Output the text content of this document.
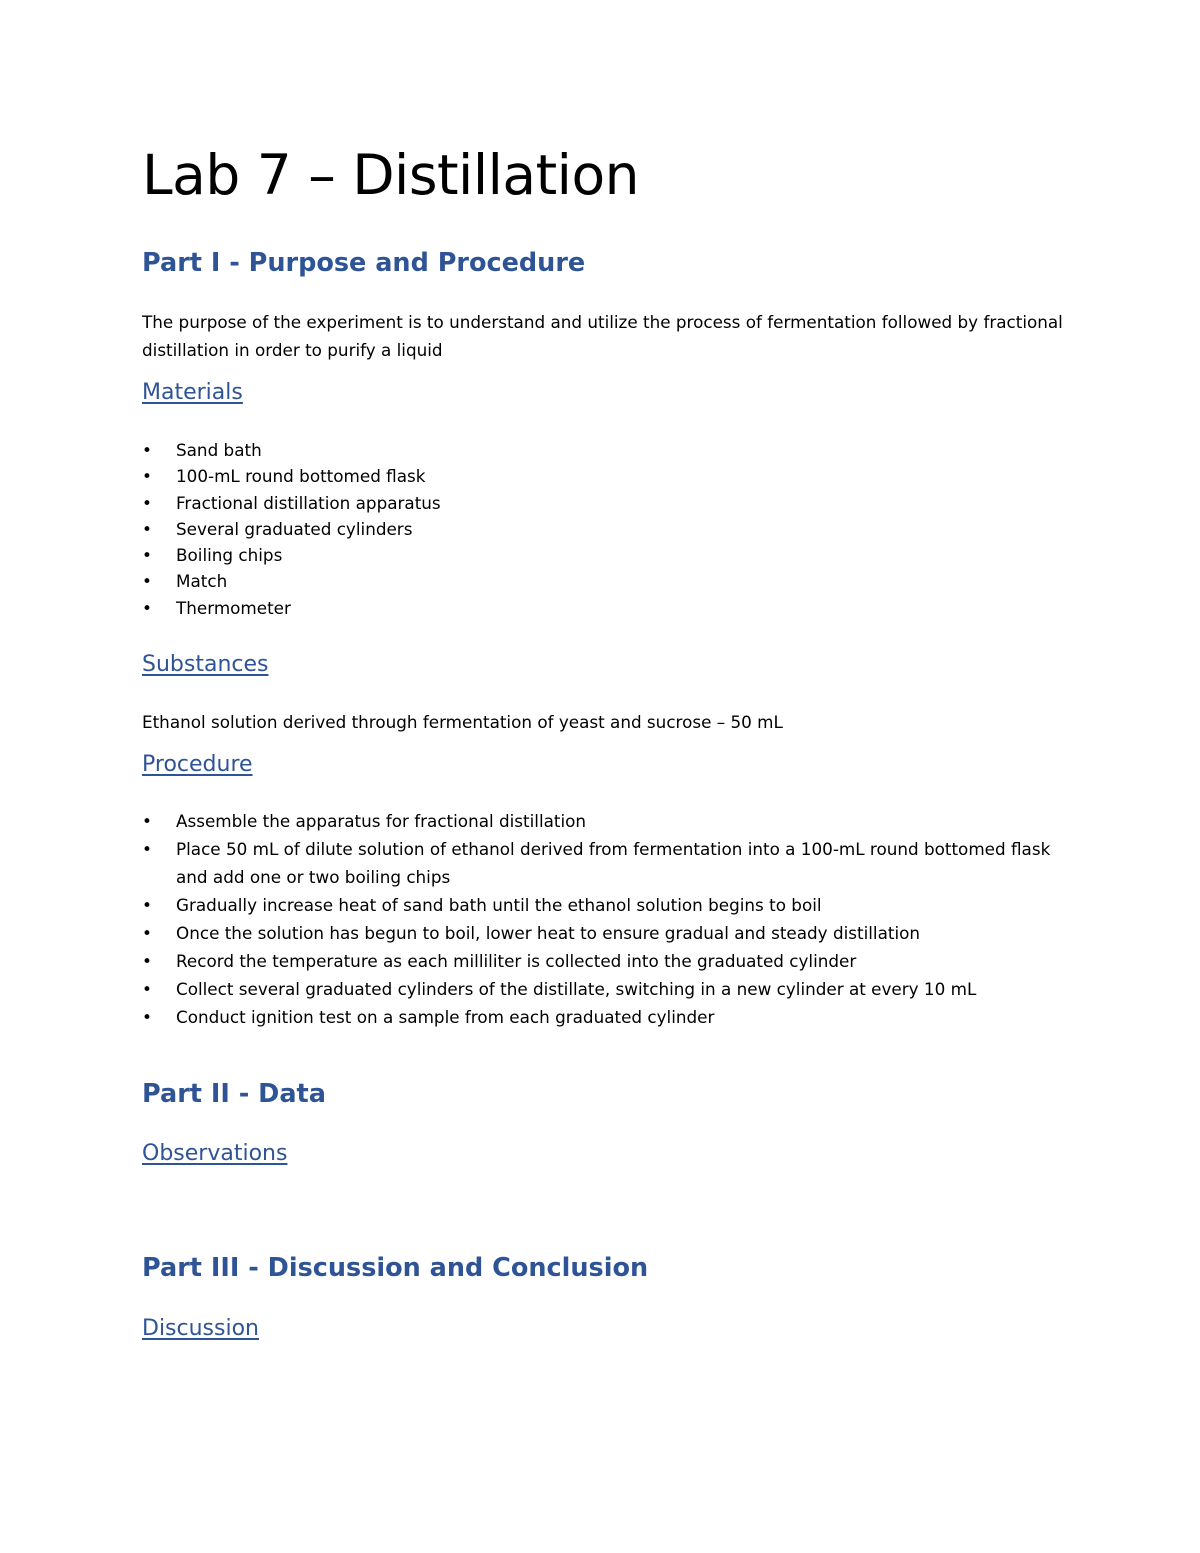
Lab 7 – Distillation
Part I - Purpose and Procedure

The purpose of the experiment is to understand and utilize the process of fermentation followed by fractional distillation in order to purify a liquid

Materials
• Sand bath
• 100-mL round bottomed flask
• Fractional distillation apparatus
• Several graduated cylinders
• Boiling chips
• Match
• Thermometer
Substances

Ethanol solution derived through fermentation of yeast and sucrose – 50 mL

Procedure
• Assemble the apparatus for fractional distillation
• Place 50 mL of dilute solution of ethanol derived from fermentation into a 100-mL round bottomed flask and add one or two boiling chips
• Gradually increase heat of sand bath until the ethanol solution begins to boil
• Once the solution has begun to boil, lower heat to ensure gradual and steady distillation
• Record the temperature as each milliliter is collected into the graduated cylinder
• Collect several graduated cylinders of the distillate, switching in a new cylinder at every 10 mL
• Conduct ignition test on a sample from each graduated cylinder
Part II - Data
Observations
Part III - Discussion and Conclusion
Discussion
